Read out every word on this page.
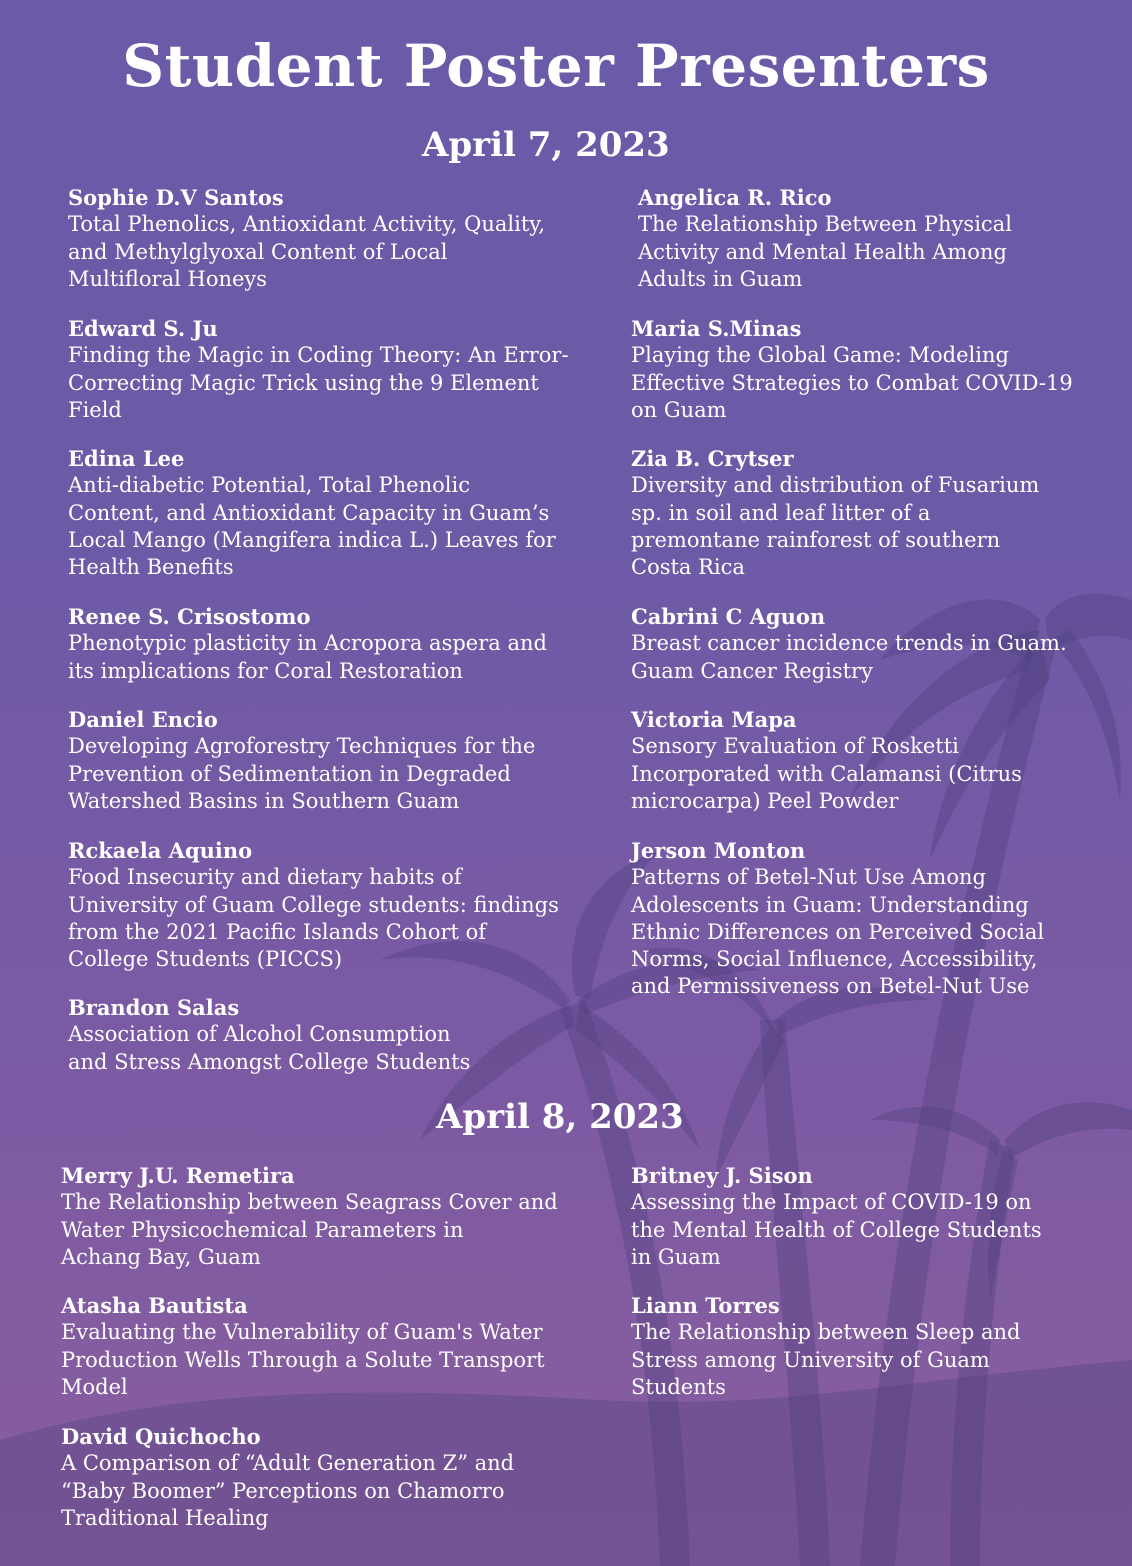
Student Poster Presenters
April 7, 2023
Sophie D.V Santos
Total Phenolics, Antioxidant Activity, Quality,
and Methylglyoxal Content of Local
Multifloral Honeys
Edward S. Ju
Finding the Magic in Coding Theory: An Error-
Correcting Magic Trick using the 9 Element
Field
Edina Lee
Anti-diabetic Potential, Total Phenolic
Content, and Antioxidant Capacity in Guam’s
Local Mango (Mangifera indica L.) Leaves for
Health Benefits
Renee S. Crisostomo
Phenotypic plasticity in Acropora aspera and
its implications for Coral Restoration
Daniel Encio
Developing Agroforestry Techniques for the
Prevention of Sedimentation in Degraded
Watershed Basins in Southern Guam
Rckaela Aquino
Food Insecurity and dietary habits of
University of Guam College students: findings
from the 2021 Pacific Islands Cohort of
College Students (PICCS)
Brandon Salas
Association of Alcohol Consumption
and Stress Amongst College Students
Angelica R. Rico
The Relationship Between Physical
Activity and Mental Health Among
Adults in Guam
Maria S.Minas
Playing the Global Game: Modeling
Effective Strategies to Combat COVID-19
on Guam
Zia B. Crytser
Diversity and distribution of Fusarium
sp. in soil and leaf litter of a
premontane rainforest of southern
Costa Rica
Cabrini C Aguon
Breast cancer incidence trends in Guam.
Guam Cancer Registry
Victoria Mapa
Sensory Evaluation of Rosketti
Incorporated with Calamansi (Citrus
microcarpa) Peel Powder
Jerson Monton
Patterns of Betel-Nut Use Among
Adolescents in Guam: Understanding
Ethnic Differences on Perceived Social
Norms, Social Influence, Accessibility,
and Permissiveness on Betel-Nut Use
April 8, 2023
Merry J.U. Remetira
The Relationship between Seagrass Cover and
Water Physicochemical Parameters in
Achang Bay, Guam
Atasha Bautista
Evaluating the Vulnerability of Guam's Water
Production Wells Through a Solute Transport
Model
David Quichocho
A Comparison of “Adult Generation Z” and
“Baby Boomer” Perceptions on Chamorro
Traditional Healing
Britney J. Sison
Assessing the Impact of COVID-19 on
the Mental Health of College Students
in Guam
Liann Torres
The Relationship between Sleep and
Stress among University of Guam
Students
